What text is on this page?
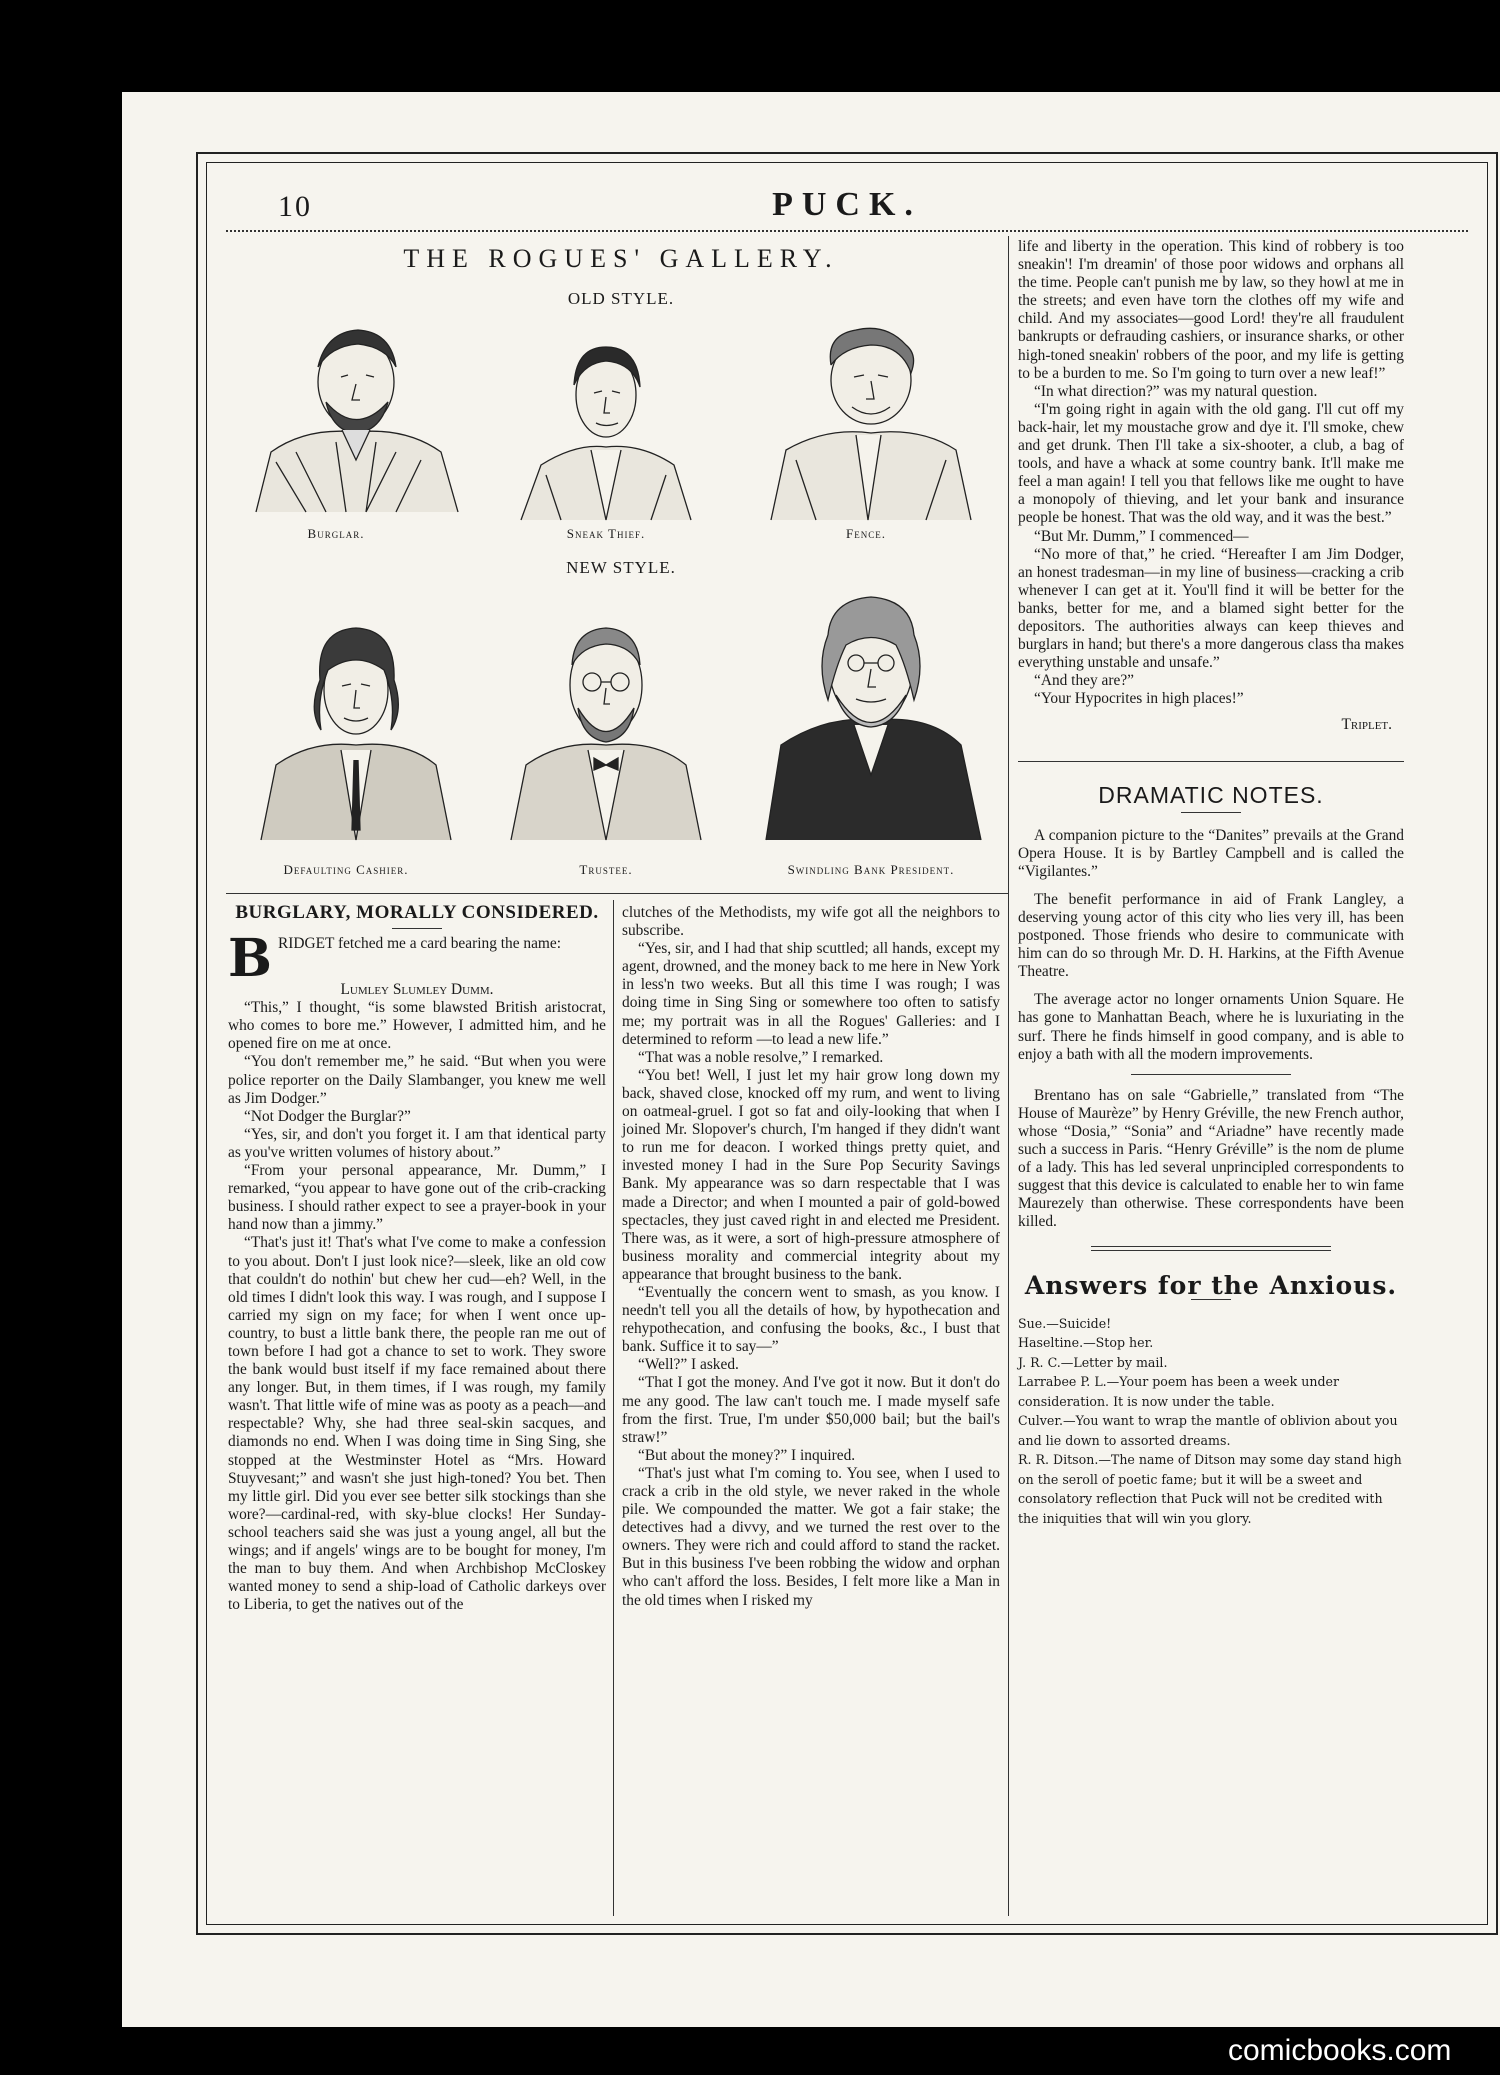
10	PUCK.
THE ROGUES' GALLERY.
OLD STYLE.
Burglar.	Sneak Thief.	Fence.
NEW STYLE.
Defaulting Cashier.	Trustee.	Swindling Bank President.
BURGLARY, MORALLY CONSIDERED.

BRIDGET fetched me a card bearing the name:

Lumley Slumley Dumm.

“This,” I thought, “is some blawsted British aristocrat, who comes to bore me.” However, I admitted him, and he opened fire on me at once.

“You don't remember me,” he said. “But when you were police reporter on the Daily Slambanger, you knew me well as Jim Dodger.”

“Not Dodger the Burglar?”

“Yes, sir, and don't you forget it. I am that identical party as you've written volumes of history about.”

“From your personal appearance, Mr. Dumm,” I remarked, “you appear to have gone out of the crib-cracking business. I should rather expect to see a prayer-book in your hand now than a jimmy.”

“That's just it! That's what I've come to make a confession to you about. Don't I just look nice?—sleek, like an old cow that couldn't do nothin' but chew her cud—eh? Well, in the old times I didn't look this way. I was rough, and I suppose I carried my sign on my face; for when I went once up-country, to bust a little bank there, the people ran me out of town before I had got a chance to set to work. They swore the bank would bust itself if my face remained about there any longer. But, in them times, if I was rough, my family wasn't. That little wife of mine was as pooty as a peach—and respectable? Why, she had three seal-skin sacques, and diamonds no end. When I was doing time in Sing Sing, she stopped at the Westminster Hotel as “Mrs. Howard Stuyvesant;” and wasn't she just high-toned? You bet. Then my little girl. Did you ever see better silk stockings than she wore?—cardinal-red, with sky-blue clocks! Her Sunday-school teachers said she was just a young angel, all but the wings; and if angels' wings are to be bought for money, I'm the man to buy them. And when Archbishop McCloskey wanted money to send a ship-load of Catholic darkeys over to Liberia, to get the natives out of the

clutches of the Methodists, my wife got all the neighbors to subscribe.

“Yes, sir, and I had that ship scuttled; all hands, except my agent, drowned, and the money back to me here in New York in less'n two weeks. But all this time I was rough; I was doing time in Sing Sing or somewhere too often to satisfy me; my portrait was in all the Rogues' Galleries: and I determined to reform —to lead a new life.”

“That was a noble resolve,” I remarked.

“You bet! Well, I just let my hair grow long down my back, shaved close, knocked off my rum, and went to living on oatmeal-gruel. I got so fat and oily-looking that when I joined Mr. Slopover's church, I'm hanged if they didn't want to run me for deacon. I worked things pretty quiet, and invested money I had in the Sure Pop Security Savings Bank. My appearance was so darn respectable that I was made a Director; and when I mounted a pair of gold-bowed spectacles, they just caved right in and elected me President. There was, as it were, a sort of high-pressure atmosphere of business morality and commercial integrity about my appearance that brought business to the bank.

“Eventually the concern went to smash, as you know. I needn't tell you all the details of how, by hypothecation and rehypothecation, and confusing the books, &c., I bust that bank. Suffice it to say—”

“Well?” I asked.

“That I got the money. And I've got it now. But it don't do me any good. The law can't touch me. I made myself safe from the first. True, I'm under $50,000 bail; but the bail's straw!”

“But about the money?” I inquired.

“That's just what I'm coming to. You see, when I used to crack a crib in the old style, we never raked in the whole pile. We compounded the matter. We got a fair stake; the detectives had a divvy, and we turned the rest over to the owners. They were rich and could afford to stand the racket. But in this business I've been robbing the widow and orphan who can't afford the loss. Besides, I felt more like a Man in the old times when I risked my

life and liberty in the operation. This kind of robbery is too sneakin'! I'm dreamin' of those poor widows and orphans all the time. People can't punish me by law, so they howl at me in the streets; and even have torn the clothes off my wife and child. And my associates—good Lord! they're all fraudulent bankrupts or defrauding cashiers, or insurance sharks, or other high-toned sneakin' robbers of the poor, and my life is getting to be a burden to me. So I'm going to turn over a new leaf!”

“In what direction?” was my natural question.

“I'm going right in again with the old gang. I'll cut off my back-hair, let my moustache grow and dye it. I'll smoke, chew and get drunk. Then I'll take a six-shooter, a club, a bag of tools, and have a whack at some country bank. It'll make me feel a man again! I tell you that fellows like me ought to have a monopoly of thieving, and let your bank and insurance people be honest. That was the old way, and it was the best.”

“But Mr. Dumm,” I commenced—

“No more of that,” he cried. “Hereafter I am Jim Dodger, an honest tradesman—in my line of business—cracking a crib whenever I can get at it. You'll find it will be better for the banks, better for me, and a blamed sight better for the depositors. The authorities always can keep thieves and burglars in hand; but there's a more dangerous class tha makes everything unstable and unsafe.”

“And they are?”

“Your Hypocrites in high places!”

Triplet.

DRAMATIC NOTES.

A companion picture to the “Danites” prevails at the Grand Opera House. It is by Bartley Campbell and is called the “Vigilantes.”

The benefit performance in aid of Frank Langley, a deserving young actor of this city who lies very ill, has been postponed. Those friends who desire to communicate with him can do so through Mr. D. H. Harkins, at the Fifth Avenue Theatre.

The average actor no longer ornaments Union Square. He has gone to Manhattan Beach, where he is luxuriating in the surf. There he finds himself in good company, and is able to enjoy a bath with all the modern improvements.

Brentano has on sale “Gabrielle,” translated from “The House of Maurèze” by Henry Gréville, the new French author, whose “Dosia,” “Sonia” and “Ariadne” have recently made such a success in Paris. “Henry Gréville” is the nom de plume of a lady. This has led several unprincipled correspondents to suggest that this device is calculated to enable her to win fame Maurezely than otherwise. These correspondents have been killed.

Answers for the Anxious.

Sue.—Suicide!

Haseltine.—Stop her.

J. R. C.—Letter by mail.

Larrabee P. L.—Your poem has been a week under consideration. It is now under the table.

Culver.—You want to wrap the mantle of oblivion about you and lie down to assorted dreams.

R. R. Ditson.—The name of Ditson may some day stand high on the seroll of poetic fame; but it will be a sweet and consolatory reflection that Puck will not be credited with the iniquities that will win you glory.

comicbooks.com
